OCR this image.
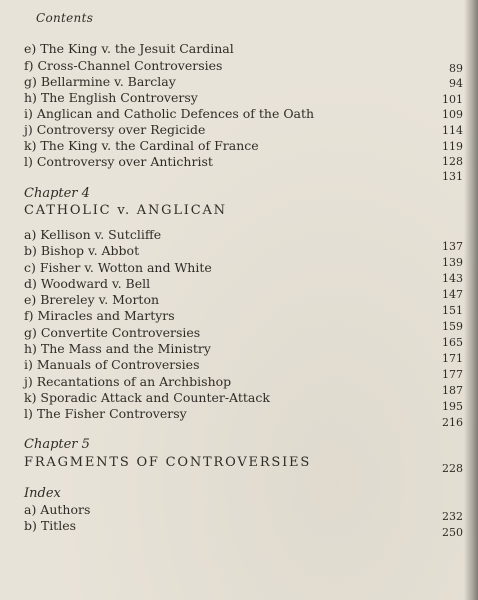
Contents
e) The King v. the Jesuit Cardinal
f) Cross-Channel Controversies
g) Bellarmine v. Barclay
h) The English Controversy
i) Anglican and Catholic Defences of the Oath
j) Controversy over Regicide
k) The King v. the Cardinal of France
l) Controversy over Antichrist
89
94
101
109
114
119
128
131
Chapter 4
CATHOLIC v. ANGLICAN
a) Kellison v. Sutcliffe
b) Bishop v. Abbot
c) Fisher v. Wotton and White
d) Woodward v. Bell
e) Brereley v. Morton
f) Miracles and Martyrs
g) Convertite Controversies
h) The Mass and the Ministry
i) Manuals of Controversies
j) Recantations of an Archbishop
k) Sporadic Attack and Counter-Attack
l) The Fisher Controversy
137
139
143
147
151
159
165
171
177
187
195
216
Chapter 5
FRAGMENTS OF CONTROVERSIES	228
Index
a) Authors
b) Titles
232
250
